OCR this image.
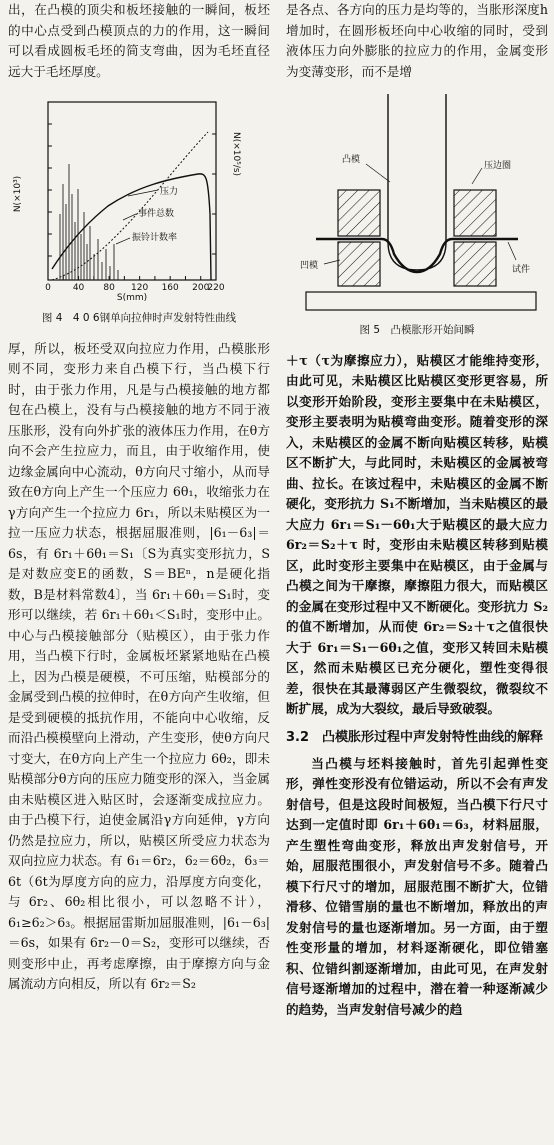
出，在凸模的顶尖和板坯接触的一瞬间，板坯的中心点受到凸模顶点的力的作用，这一瞬间可以看成圆板毛坯的简支弯曲，因为毛坯直径远大于毛坯厚度。

N(×10³)
N(×10⁵/s)
0 40 80 120 160 200
220
S(mm)
压力
事件总数
振铃计数率
图 4　4 0 6钢单向拉伸时声发射特性曲线

厚，所以，板坯受双向拉应力作用，凸模胀形则不同，变形力来自凸模下行，当凸模下行时，由于张力作用，凡是与凸模接触的地方都包在凸模上，没有与凸模接触的地方不同于液压胀形，没有向外扩张的液体压力作用，在θ方向不会产生拉应力，而且，由于收缩作用，使边缘金属向中心流动，θ方向尺寸缩小，从而导致在θ方向上产生一个压应力 6θ₁，收缩张力在γ方向产生一个拉应力 6r₁，所以未贴模区为一拉一压应力状态，根据屈服准则，|6₁－6₃|＝6s，有 6r₁＋6θ₁＝S₁〔S为真实变形抗力，S是对数应变E的函数，S＝BEⁿ，n是硬化指数，B是材料常数4〕，当 6r₁＋6θ₁＝S₁时，变形可以继续，若 6r₁＋6θ₁＜S₁时，变形中止。中心与凸模接触部分（贴模区），由于张力作用，当凸模下行时，金属板坯紧紧地贴在凸模上，因为凸模是硬模，不可压缩，贴模部分的金属受到凸模的拉伸时，在θ方向产生收缩，但是受到硬模的抵抗作用，不能向中心收缩，反而沿凸模模壁向上滑动，产生变形，使θ方向尺寸变大，在θ方向上产生一个拉应力 6θ₂，即未贴模部分θ方向的压应力随变形的深入，当金属由未贴模区进入贴区时，会逐渐变成拉应力。由于凸模下行，迫使金属沿γ方向延伸，γ方向仍然是拉应力，所以，贴模区所受应力状态为双向拉应力状态。有 6₁＝6r₂，6₂＝6θ₂，6₃＝6t（6t为厚度方向的应力，沿厚度方向变化，与 6r₂、6θ₂相比很小，可以忽略不计），6₁≥6₂＞6₃。根据屈雷斯加屈服准则，|6₁－6₃|＝6s，如果有 6r₂－0＝S₂，变形可以继续，否则变形中止，再考虑摩擦，由于摩擦方向与金属流动方向相反，所以有 6r₂＝S₂

是各点、各方向的压力是均等的，当胀形深度h增加时，在圆形板坯向中心收缩的同时，受到液体压力向外膨胀的拉应力的作用，金属变形为变薄变形，而不是增

凸模
压边圈
凹模	试件
图 5　凸模胀形开始间瞬

＋τ（τ为摩擦应力），贴模区才能维持变形，由此可见，未贴模区比贴模区变形更容易，所以变形开始阶段，变形主要集中在未贴模区，变形主要表明为贴模弯曲变形。随着变形的深入，未贴模区的金属不断向贴模区转移，贴模区不断扩大，与此同时，未贴模区的金属被弯曲、拉长。在该过程中，未贴模区的金属不断硬化，变形抗力 S₁不断增加，当未贴模区的最大应力 6r₁＝S₁－6θ₁大于贴模区的最大应力 6r₂＝S₂＋τ 时，变形由未贴模区转移到贴模区，此时变形主要集中在贴模区，由于金属与凸模之间为干摩擦，摩擦阻力很大，而贴模区的金属在变形过程中又不断硬化。变形抗力 S₂的值不断增加，从而使 6r₂＝S₂＋τ之值很快大于 6r₁＝S₁－6θ₁之值，变形又转回未贴模区，然而未贴模区已充分硬化，塑性变得很差，很快在其最薄弱区产生微裂纹，微裂纹不断扩展，成为大裂纹，最后导致破裂。

3.2　凸模胀形过程中声发射特性曲线的解释

当凸模与坯料接触时，首先引起弹性变形，弹性变形没有位错运动，所以不会有声发射信号，但是这段时间极短，当凸模下行尺寸达到一定值时即 6r₁＋6θ₁＝6₃，材料屈服，产生塑性弯曲变形，释放出声发射信号，开始，屈服范围很小，声发射信号不多。随着凸模下行尺寸的增加，屈服范围不断扩大，位错滑移、位错雪崩的量也不断增加，释放出的声发射信号的量也逐渐增加。另一方面，由于塑性变形量的增加，材料逐渐硬化，即位错塞积、位错纠割逐渐增加，由此可见，在声发射信号逐渐增加的过程中，潜在着一种逐渐减少的趋势，当声发射信号减少的趋
